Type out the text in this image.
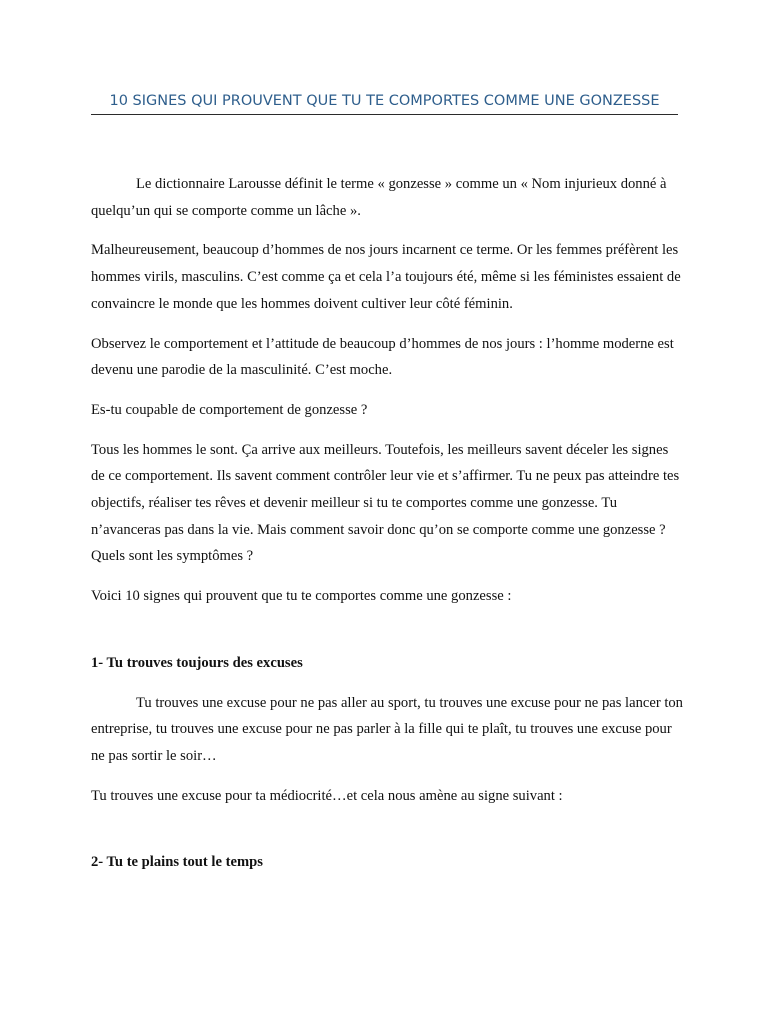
10 SIGNES QUI PROUVENT QUE TU TE COMPORTES COMME UNE GONZESSE

Le dictionnaire Larousse définit le terme « gonzesse » comme un « Nom injurieux donné à quelqu’un qui se comporte comme un lâche ».

Malheureusement, beaucoup d’hommes de nos jours incarnent ce terme. Or les femmes préfèrent les hommes virils, masculins. C’est comme ça et cela l’a toujours été, même si les féministes essaient de convaincre le monde que les hommes doivent cultiver leur côté féminin.

Observez le comportement et l’attitude de beaucoup d’hommes de nos jours : l’homme moderne est devenu une parodie de la masculinité. C’est moche.

Es-tu coupable de comportement de gonzesse ?

Tous les hommes le sont. Ça arrive aux meilleurs. Toutefois, les meilleurs savent déceler les signes de ce comportement. Ils savent comment contrôler leur vie et s’affirmer. Tu ne peux pas atteindre tes objectifs, réaliser tes rêves et devenir meilleur si tu te comportes comme une gonzesse. Tu n’avanceras pas dans la vie. Mais comment savoir donc qu’on se comporte comme une gonzesse ? Quels sont les symptômes ?

Voici 10 signes qui prouvent que tu te comportes comme une gonzesse :

1- Tu trouves toujours des excuses

Tu trouves une excuse pour ne pas aller au sport, tu trouves une excuse pour ne pas lancer ton entreprise, tu trouves une excuse pour ne pas parler à la fille qui te plaît, tu trouves une excuse pour ne pas sortir le soir…

Tu trouves une excuse pour ta médiocrité…et cela nous amène au signe suivant :

2- Tu te plains tout le temps
